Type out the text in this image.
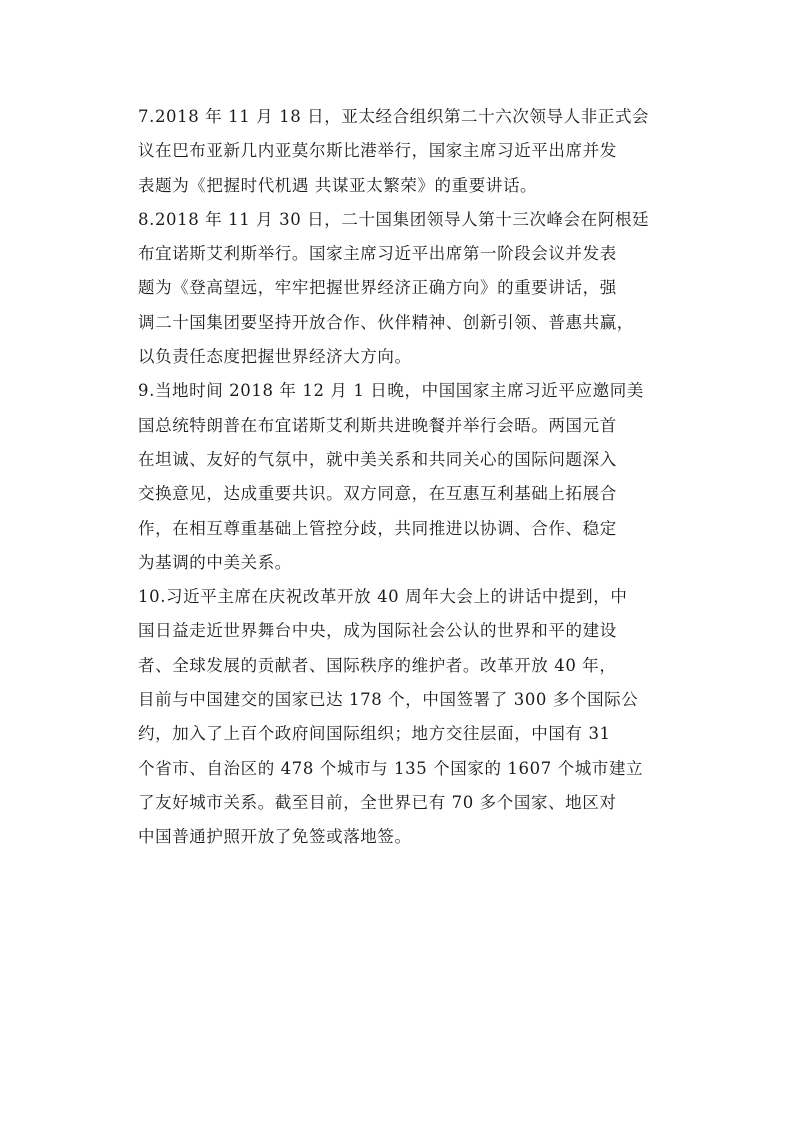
7.2018 年 11 月 18 日，亚太经合组织第二十六次领导人非正式会
议在巴布亚新几内亚莫尔斯比港举行，国家主席习近平出席并发
表题为《把握时代机遇 共谋亚太繁荣》的重要讲话。
8.2018 年 11 月 30 日，二十国集团领导人第十三次峰会在阿根廷
布宜诺斯艾利斯举行。国家主席习近平出席第一阶段会议并发表
题为《登高望远，牢牢把握世界经济正确方向》的重要讲话，强
调二十国集团要坚持开放合作、伙伴精神、创新引领、普惠共赢，
以负责任态度把握世界经济大方向。
9.当地时间 2018 年 12 月 1 日晚，中国国家主席习近平应邀同美
国总统特朗普在布宜诺斯艾利斯共进晚餐并举行会晤。两国元首
在坦诚、友好的气氛中，就中美关系和共同关心的国际问题深入
交换意见，达成重要共识。双方同意，在互惠互利基础上拓展合
作，在相互尊重基础上管控分歧，共同推进以协调、合作、稳定
为基调的中美关系。
10.习近平主席在庆祝改革开放 40 周年大会上的讲话中提到，中
国日益走近世界舞台中央，成为国际社会公认的世界和平的建设
者、全球发展的贡献者、国际秩序的维护者。改革开放 40 年，
目前与中国建交的国家已达 178 个，中国签署了 300 多个国际公
约，加入了上百个政府间国际组织；地方交往层面，中国有 31
个省市、自治区的 478 个城市与 135 个国家的 1607 个城市建立
了友好城市关系。截至目前，全世界已有 70 多个国家、地区对
中国普通护照开放了免签或落地签。
